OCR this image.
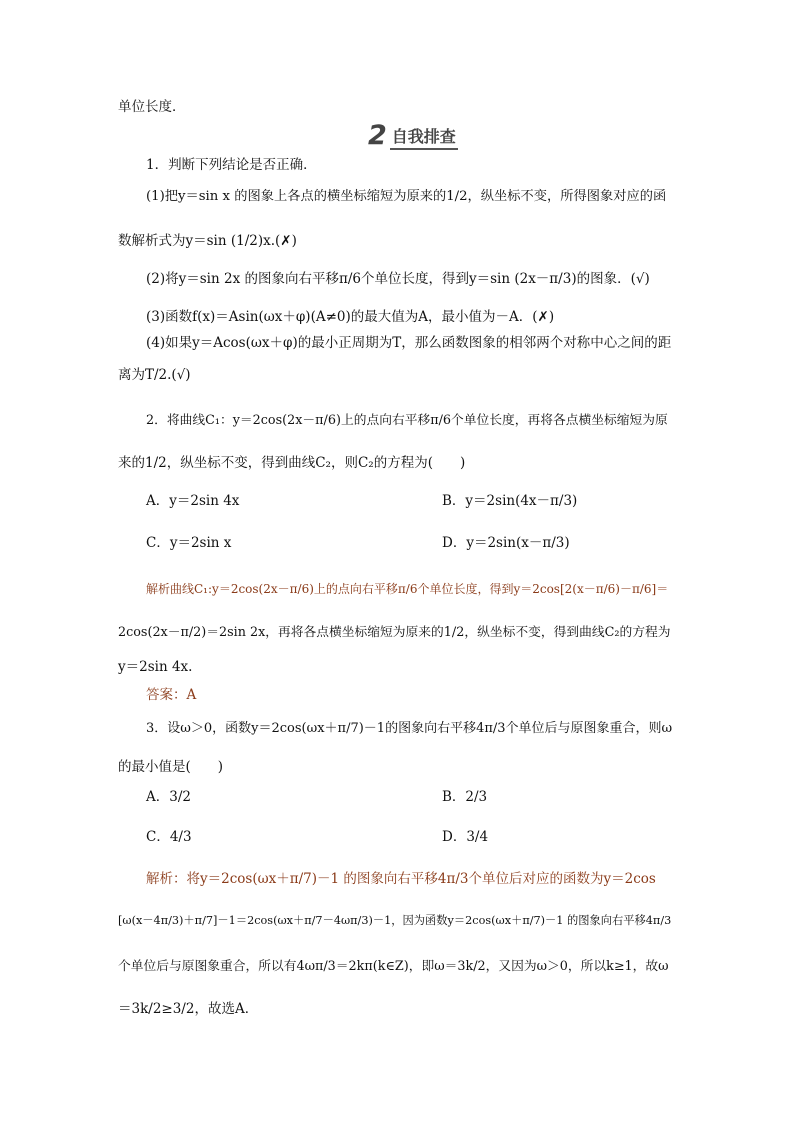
单位长度．
2 自我排查
1．判断下列结论是否正确．
(1)把y＝sin x 的图象上各点的横坐标缩短为原来的1/2，纵坐标不变，所得图象对应的函
数解析式为y＝sin (1/2)x.(✗)
(2)将y＝sin 2x 的图象向右平移π/6个单位长度，得到y＝sin (2x－π/3)的图象．(√)
(3)函数f(x)＝Asin(ωx＋φ)(A≠0)的最大值为A，最小值为－A．(✗)
(4)如果y＝Acos(ωx＋φ)的最小正周期为T，那么函数图象的相邻两个对称中心之间的距
离为T/2.(√)
2．将曲线C₁：y＝2cos(2x－π/6)上的点向右平移π/6个单位长度，再将各点横坐标缩短为原
来的1/2，纵坐标不变，得到曲线C₂，则C₂的方程为(　　)
A．y＝2sin 4x	B．y＝2sin(4x－π/3)
C．y＝2sin x	D．y＝2sin(x－π/3)
解析曲线C₁:y＝2cos(2x－π/6)上的点向右平移π/6个单位长度，得到y＝2cos[2(x－π/6)－π/6]＝
2cos(2x－π/2)＝2sin 2x，再将各点横坐标缩短为原来的1/2，纵坐标不变，得到曲线C₂的方程为
y＝2sin 4x.
答案：A
3．设ω＞0，函数y＝2cos(ωx＋π/7)－1的图象向右平移4π/3个单位后与原图象重合，则ω
的最小值是(　　)
A．3/2	B．2/3
C．4/3	D．3/4
解析：将y＝2cos(ωx＋π/7)－1 的图象向右平移4π/3个单位后对应的函数为y＝2cos
[ω(x－4π/3)＋π/7]－1＝2cos(ωx＋π/7－4ωπ/3)－1，因为函数y＝2cos(ωx＋π/7)－1 的图象向右平移4π/3
个单位后与原图象重合，所以有4ωπ/3＝2kπ(k∈Z)，即ω＝3k/2，又因为ω＞0，所以k≥1，故ω
＝3k/2≥3/2，故选A．
